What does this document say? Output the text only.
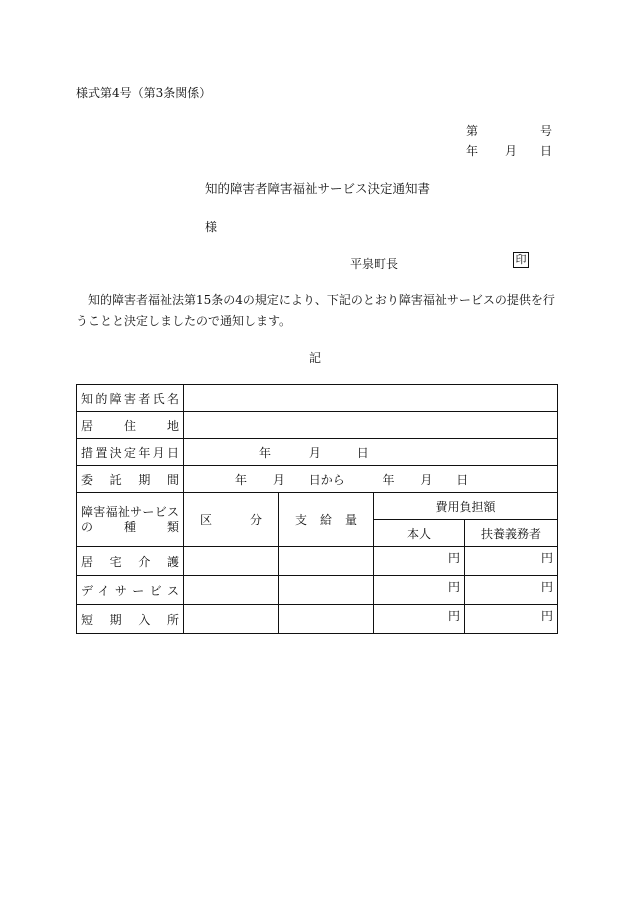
様式第4号（第3条関係）
第	号
年 月 日
知的障害者障害福祉サービス決定通知書
様
平泉町長	印
知的障害者福祉法第15条の4の規定により、下記のとおり障害福祉サービスの提供を行うことと決定しましたので通知します。
記
知的障害者氏名				
居住地				
措置決定年月日	年 月 日			
委託期間	年 月 日から 年 月 日			

障害福祉サービス
の種類	区分	支給量	費用負担額	
			本人	扶養義務者
居宅介護			円	円
デイサービス			円	円
短期入所			円	円
